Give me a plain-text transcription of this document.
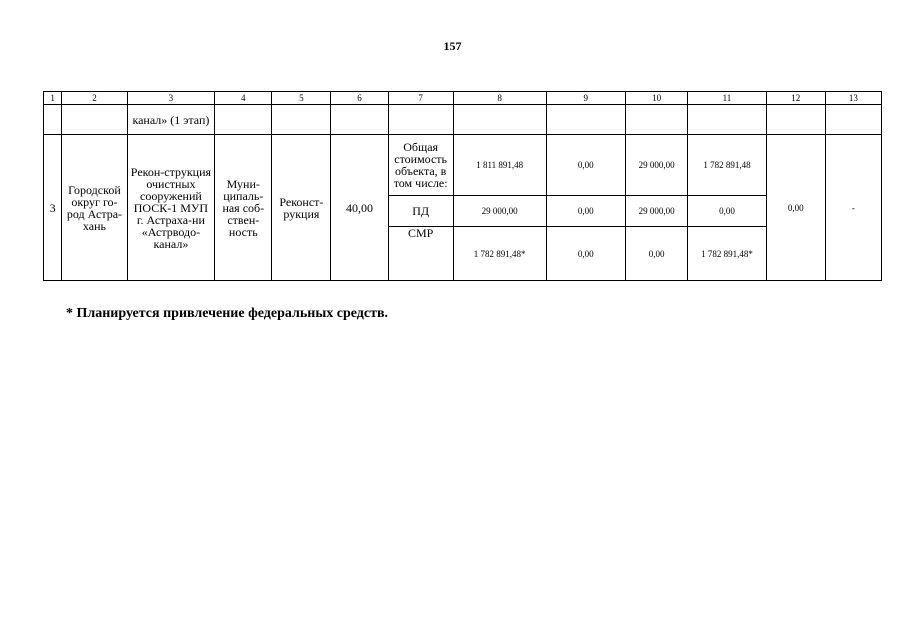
157
1	2	3	4	5	6	7	8	9	10	11	12	13
		канал» (1 этап)										
3	Городской округ го-род Астра-хань	Рекон-струкция очистных сооружений ПОСК-1 МУП г. Астраха-ни «Астрводо-канал»	Муни-ципаль-ная соб-ствен-ность	Реконст-рукция	40,00	Общая стоимость объекта, в том числе:	1 811 891,48	0,00	29 000,00	1 782 891,48	0,00	-
						ПД	29 000,00	0,00	29 000,00	0,00		
						СМР	1 782 891,48*	0,00	0,00	1 782 891,48*		
* Планируется привлечение федеральных средств.
